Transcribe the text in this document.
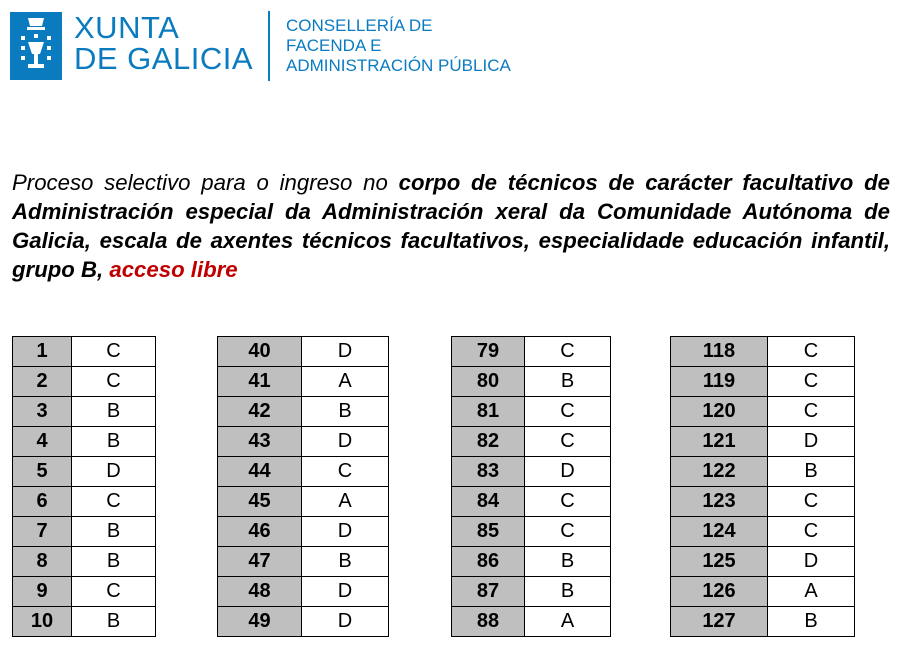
XUNTA
DE GALICIA
CONSELLERÍA DE
FACENDA E
ADMINISTRACIÓN PÚBLICA
Proceso selectivo para o ingreso no corpo de técnicos de carácter facultativo de Administración especial da Administración xeral da Comunidade Autónoma de Galicia, escala de axentes técnicos facultativos, especialidade educación infantil, grupo B, acceso libre
1	C
2	C
3	B
4	B
5	D
6	C
7	B
8	B
9	C
10	B
40	D
41	A
42	B
43	D
44	C
45	A
46	D
47	B
48	D
49	D
79	C
80	B
81	C
82	C
83	D
84	C
85	C
86	B
87	B
88	A
118	C
119	C
120	C
121	D
122	B
123	C
124	C
125	D
126	A
127	B
